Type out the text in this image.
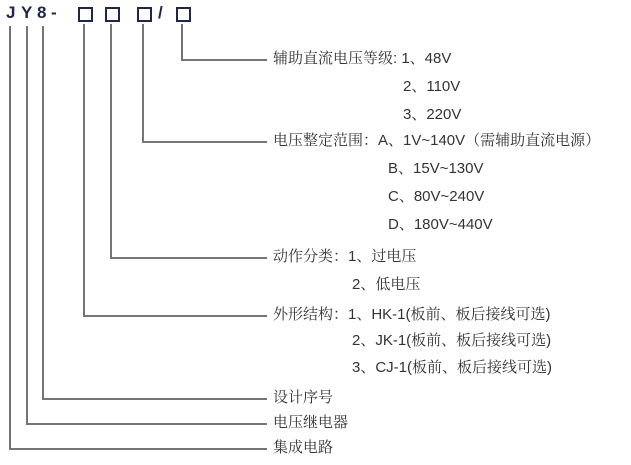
J Y 8 -	/
辅助直流电压等级: 1、48V
2、110V
3、220V
电压整定范围：A、1V~140V（需辅助直流电源）
B、15V~130V
C、80V~240V
D、180V~440V
动作分类：1、过电压
2、低电压
外形结构：1、HK-1(板前、板后接线可选)
2、JK-1(板前、板后接线可选)
3、CJ-1(板前、板后接线可选)
设计序号
电压继电器
集成电路
